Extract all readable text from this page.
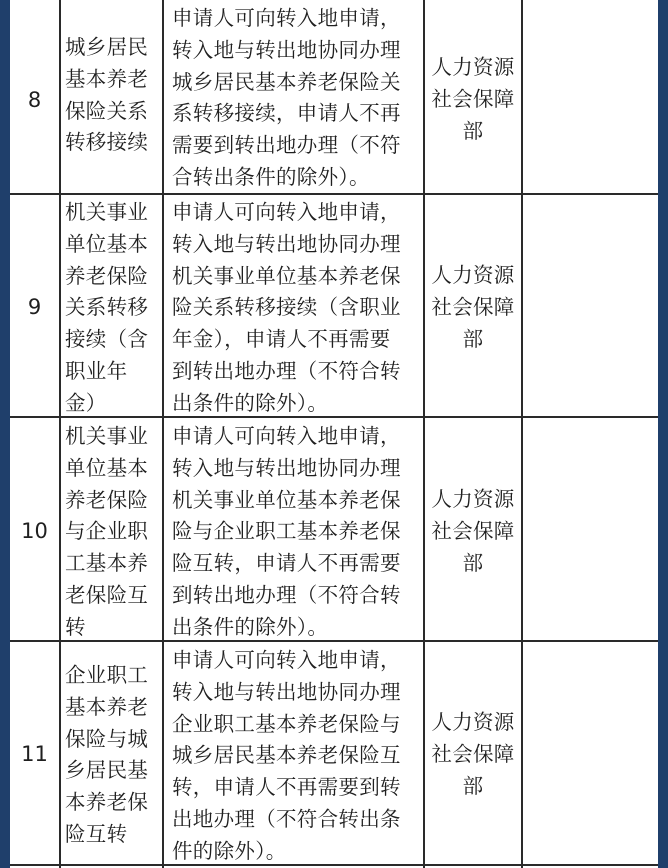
8
城乡居民
基本养老
保险关系
转移接续
申请人可向转入地申请，
转入地与转出地协同办理
城乡居民基本养老保险关
系转移接续，申请人不再
需要到转出地办理（不符
合转出条件的除外）。
人力资源
社会保障
部
9
机关事业
单位基本
养老保险
关系转移
接续（含
职业年
金）
申请人可向转入地申请，
转入地与转出地协同办理
机关事业单位基本养老保
险关系转移接续（含职业
年金），申请人不再需要
到转出地办理（不符合转
出条件的除外）。
人力资源
社会保障
部
10
机关事业
单位基本
养老保险
与企业职
工基本养
老保险互
转
申请人可向转入地申请，
转入地与转出地协同办理
机关事业单位基本养老保
险与企业职工基本养老保
险互转，申请人不再需要
到转出地办理（不符合转
出条件的除外）。
人力资源
社会保障
部
11
企业职工
基本养老
保险与城
乡居民基
本养老保
险互转
申请人可向转入地申请，
转入地与转出地协同办理
企业职工基本养老保险与
城乡居民基本养老保险互
转，申请人不再需要到转
出地办理（不符合转出条
件的除外）。
人力资源
社会保障
部
